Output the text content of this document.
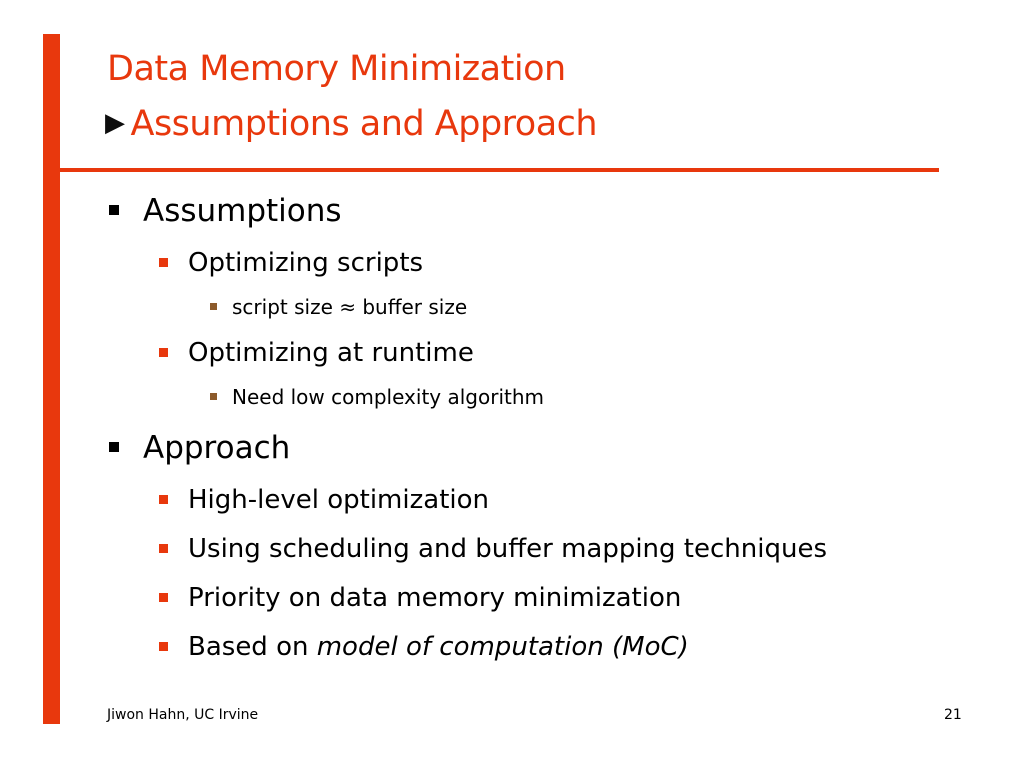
Data Memory Minimization
▶ Assumptions and Approach
Assumptions
Optimizing scripts
script size ≈ buffer size
Optimizing at runtime
Need low complexity algorithm
Approach
High-level optimization
Using scheduling and buffer mapping techniques
Priority on data memory minimization
Based on model of computation (MoC)
Jiwon Hahn, UC Irvine	21
